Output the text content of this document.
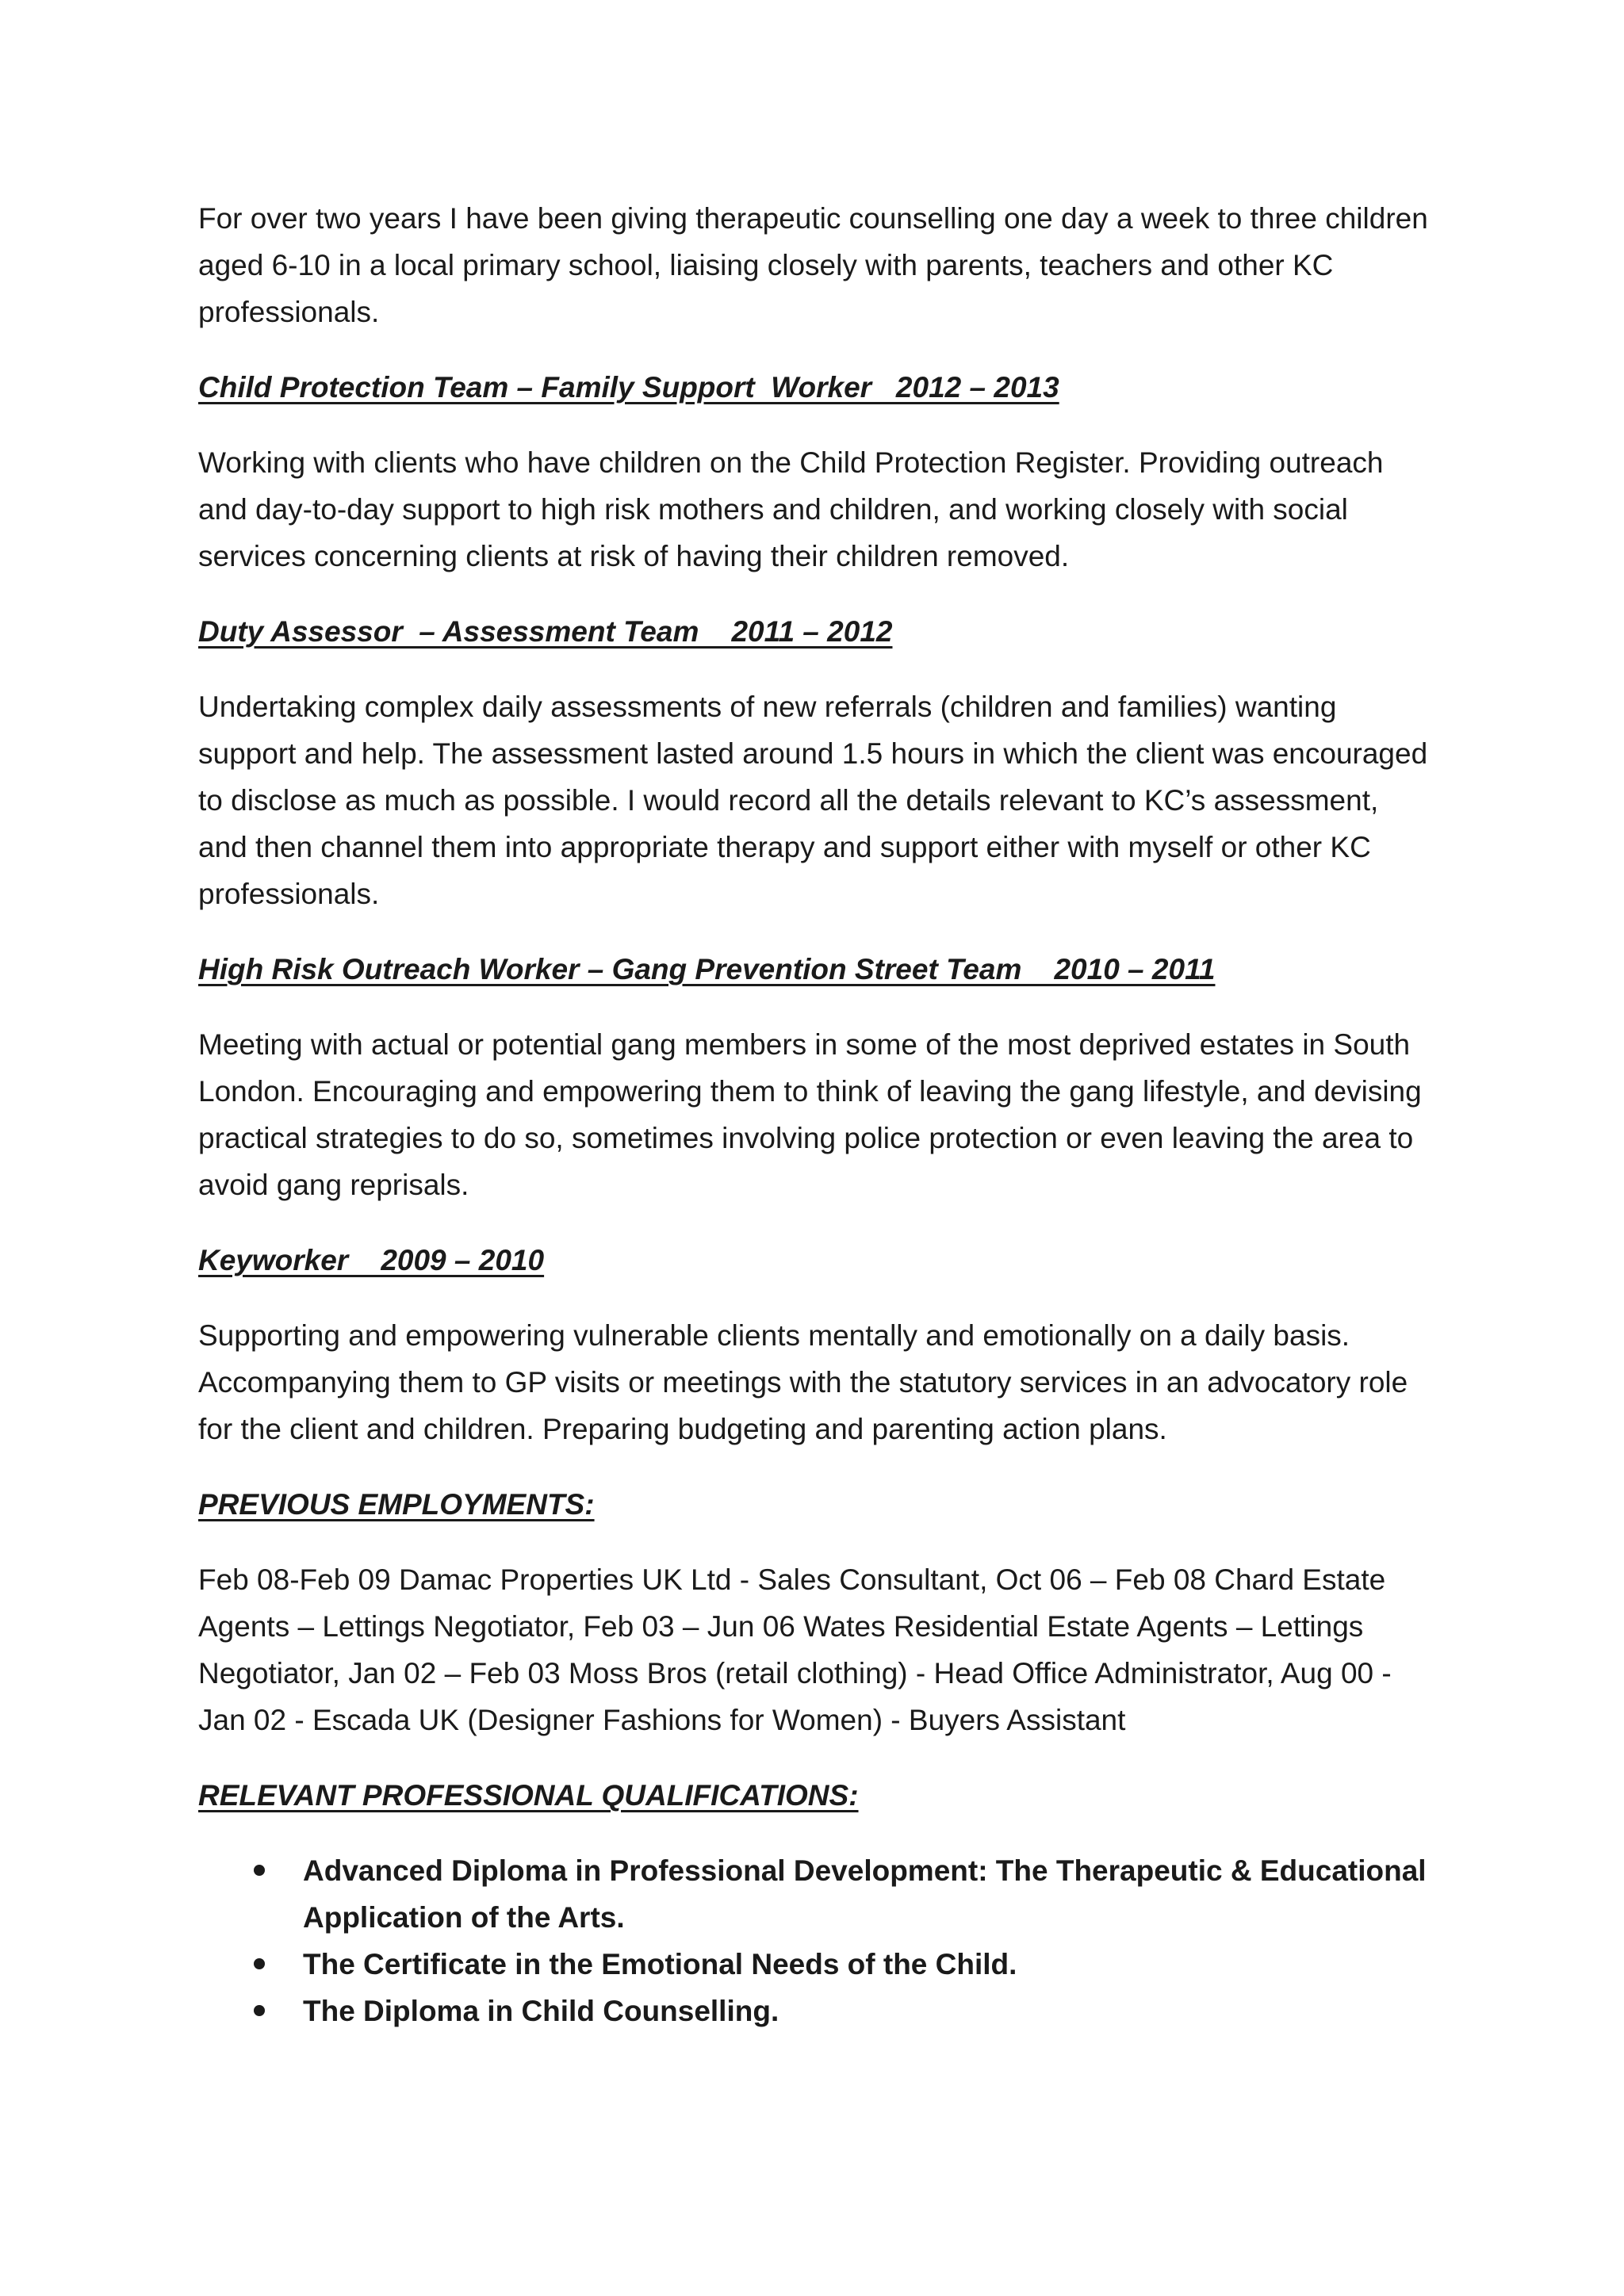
For over two years I have been giving therapeutic counselling one day a week to three children aged 6-10 in a local primary school, liaising closely with parents, teachers and other KC professionals.

Child Protection Team – Family Support  Worker   2012 – 2013

Working with clients who have children on the Child Protection Register. Providing outreach and day-to-day support to high risk mothers and children, and working closely with social services concerning clients at risk of having their children removed.

Duty Assessor  – Assessment Team    2011 – 2012

Undertaking complex daily assessments of new referrals (children and families) wanting support and help. The assessment lasted around 1.5 hours in which the client was encouraged to disclose as much as possible. I would record all the details relevant to KC’s assessment, and then channel them into appropriate therapy and support either with myself or other KC professionals.

High Risk Outreach Worker – Gang Prevention Street Team    2010 – 2011

Meeting with actual or potential gang members in some of the most deprived estates in South London. Encouraging and empowering them to think of leaving the gang lifestyle, and devising practical strategies to do so, sometimes involving police protection or even leaving the area to avoid gang reprisals.

Keyworker    2009 – 2010

Supporting and empowering vulnerable clients mentally and emotionally on a daily basis. Accompanying them to GP visits or meetings with the statutory services in an advocatory role for the client and children. Preparing budgeting and parenting action plans.

PREVIOUS EMPLOYMENTS:

Feb 08-Feb 09 Damac Properties UK Ltd - Sales Consultant, Oct 06 – Feb 08 Chard Estate Agents – Lettings Negotiator, Feb 03 – Jun 06 Wates Residential Estate Agents – Lettings Negotiator, Jan 02 – Feb 03 Moss Bros (retail clothing) - Head Office Administrator, Aug 00 - Jan 02 - Escada UK (Designer Fashions for Women) - Buyers Assistant

RELEVANT PROFESSIONAL QUALIFICATIONS:
Advanced Diploma in Professional Development: The Therapeutic & Educational Application of the Arts.
The Certificate in the Emotional Needs of the Child.
The Diploma in Child Counselling.
